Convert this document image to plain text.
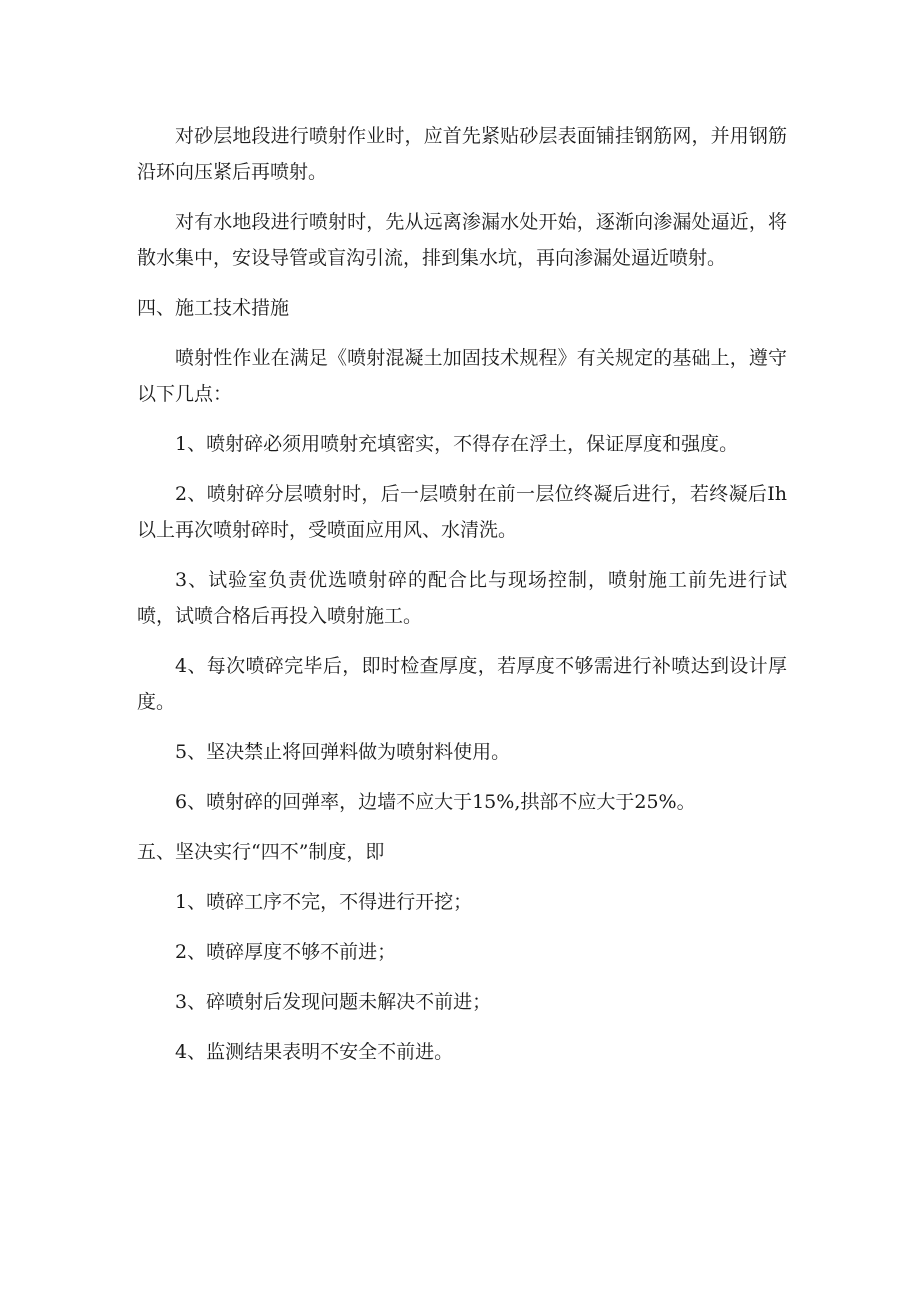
对砂层地段进行喷射作业时，应首先紧贴砂层表面铺挂钢筋网，并用钢筋沿环向压紧后再喷射。

对有水地段进行喷射时，先从远离渗漏水处开始，逐渐向渗漏处逼近，将散水集中，安设导管或盲沟引流，排到集水坑，再向渗漏处逼近喷射。

四、施工技术措施

喷射性作业在满足《喷射混凝土加固技术规程》有关规定的基础上，遵守以下几点：

1、喷射碎必须用喷射充填密实，不得存在浮土，保证厚度和强度。

2、喷射碎分层喷射时，后一层喷射在前一层位终凝后进行，若终凝后Ih以上再次喷射碎时，受喷面应用风、水清洗。

3、试验室负责优选喷射碎的配合比与现场控制，喷射施工前先进行试喷，试喷合格后再投入喷射施工。

4、每次喷碎完毕后，即时检查厚度，若厚度不够需进行补喷达到设计厚度。

5、坚决禁止将回弹料做为喷射料使用。

6、喷射碎的回弹率，边墙不应大于15%,拱部不应大于25%。

五、坚决实行“四不”制度，即

1、喷碎工序不完，不得进行开挖；

2、喷碎厚度不够不前进；

3、碎喷射后发现问题未解决不前进；

4、监测结果表明不安全不前进。
